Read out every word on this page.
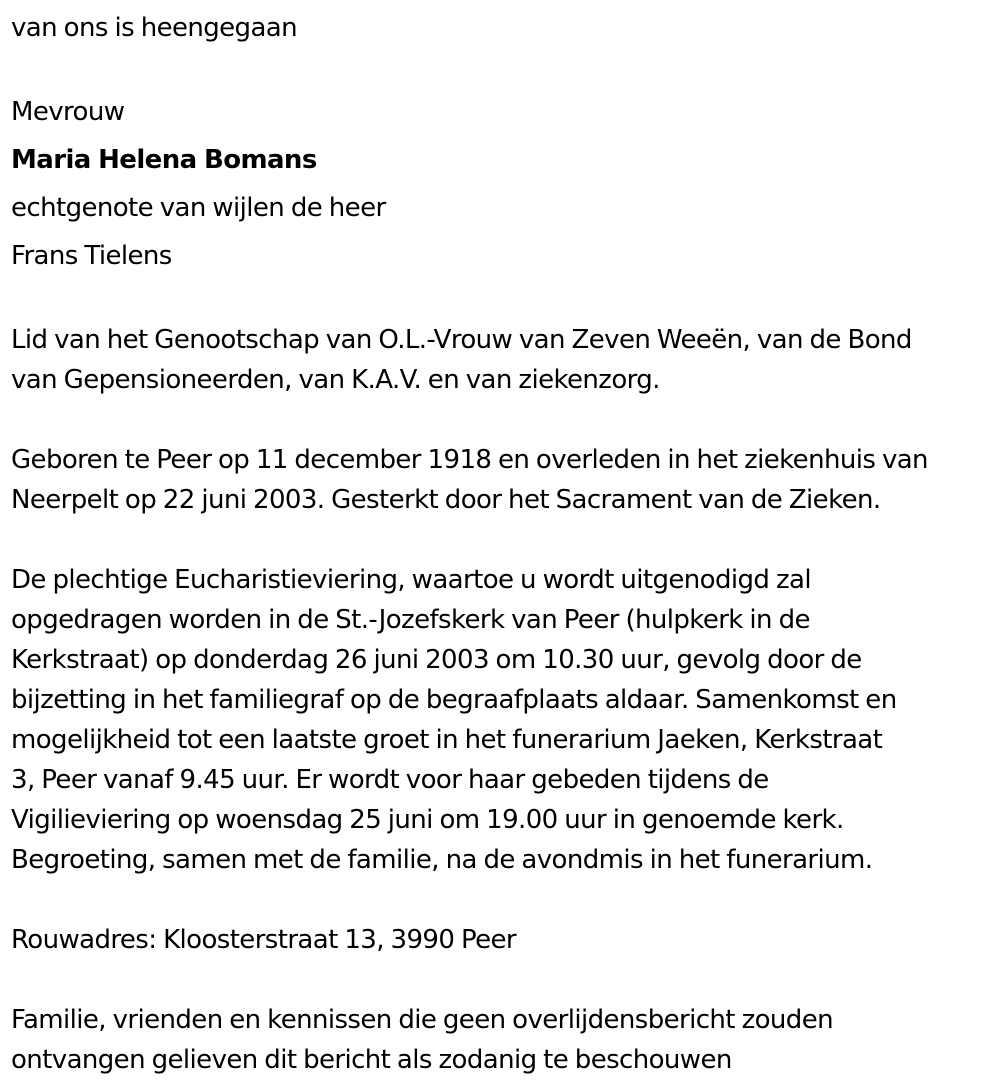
van ons is heengegaan
Mevrouw
Maria Helena Bomans
echtgenote van wijlen de heer
Frans Tielens
Lid van het Genootschap van O.L.-Vrouw van Zeven Weeën, van de Bond
van Gepensioneerden, van K.A.V. en van ziekenzorg.
Geboren te Peer op 11 december 1918 en overleden in het ziekenhuis van
Neerpelt op 22 juni 2003. Gesterkt door het Sacrament van de Zieken.
De plechtige Eucharistieviering, waartoe u wordt uitgenodigd zal
opgedragen worden in de St.-Jozefskerk van Peer (hulpkerk in de
Kerkstraat) op donderdag 26 juni 2003 om 10.30 uur, gevolg door de
bijzetting in het familiegraf op de begraafplaats aldaar. Samenkomst en
mogelijkheid tot een laatste groet in het funerarium Jaeken, Kerkstraat
3, Peer vanaf 9.45 uur. Er wordt voor haar gebeden tijdens de
Vigilieviering op woensdag 25 juni om 19.00 uur in genoemde kerk.
Begroeting, samen met de familie, na de avondmis in het funerarium.
Rouwadres: Kloosterstraat 13, 3990 Peer
Familie, vrienden en kennissen die geen overlijdensbericht zouden
ontvangen gelieven dit bericht als zodanig te beschouwen
